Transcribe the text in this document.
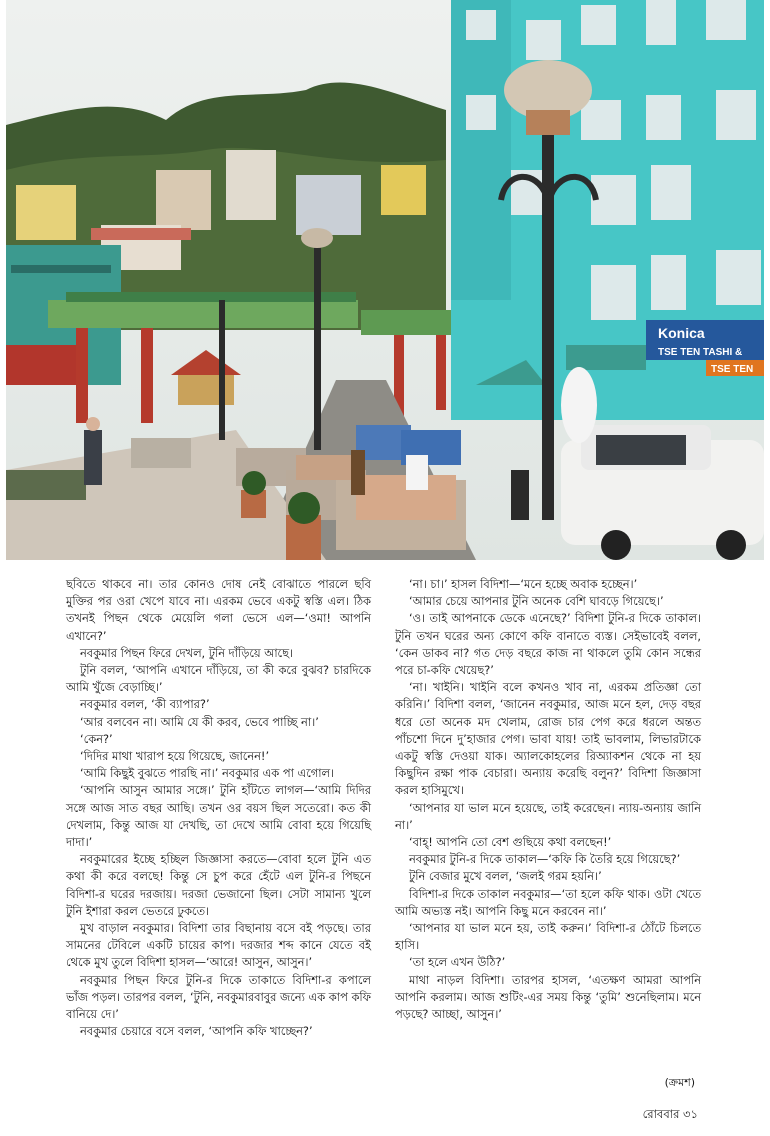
Konica
TSE TEN TASHI &
TSE TEN

ছবিতে থাকবে না। তার কোনও দোষ নেই বোঝাতে পারলে ছবি মুক্তির পর ওরা খেপে যাবে না। এরকম ভেবে একটু স্বস্তি এল। ঠিক তখনই পিছন থেকে মেয়েলি গলা ভেসে এল—‘ওমা! আপনি এখানে?’

নবকুমার পিছন ফিরে দেখল, টুনি দাঁড়িয়ে আছে।

টুনি বলল, ‘আপনি এখানে দাঁড়িয়ে, তা কী করে বুঝব? চারদিকে আমি খুঁজে বেড়াচ্ছি।’

নবকুমার বলল, ‘কী ব্যাপার?’

‘আর বলবেন না। আমি যে কী করব, ভেবে পাচ্ছি না।’

‘কেন?’

‘দিদির মাথা খারাপ হয়ে গিয়েছে, জানেন!’

‘আমি কিছুই বুঝতে পারছি না।’ নবকুমার এক পা এগোল।

‘আপনি আসুন আমার সঙ্গে।’ টুনি হাঁটতে লাগল—‘আমি দিদির সঙ্গে আজ সাত বছর আছি। তখন ওর বয়স ছিল সতেরো। কত কী দেখলাম, কিন্তু আজ যা দেখছি, তা দেখে আমি বোবা হয়ে গিয়েছি দাদা।’

নবকুমারের ইচ্ছে হচ্ছিল জিজ্ঞাসা করতে—বোবা হলে টুনি এত কথা কী করে বলছে! কিন্তু সে চুপ করে হেঁটে এল টুনি-র পিছনে বিদিশা-র ঘরের দরজায়। দরজা ভেজানো ছিল। সেটা সামান্য খুলে টুনি ইশারা করল ভেতরে ঢুকতে।

মুখ বাড়াল নবকুমার। বিদিশা তার বিছানায় বসে বই পড়ছে। তার সামনের টেবিলে একটি চায়ের কাপ। দরজার শব্দ কানে যেতে বই থেকে মুখ তুলে বিদিশা হাসল—‘আরে! আসুন, আসুন।’

নবকুমার পিছন ফিরে টুনি-র দিকে তাকাতে বিদিশা-র কপালে ভাঁজ পড়ল। তারপর বলল, ‘টুনি, নবকুমারবাবুর জন্যে এক কাপ কফি বানিয়ে দে।’

নবকুমার চেয়ারে বসে বলল, ‘আপনি কফি খাচ্ছেন?’

‘না। চা।’ হাসল বিদিশা—‘মনে হচ্ছে অবাক হচ্ছেন।’

‘আমার চেয়ে আপনার টুনি অনেক বেশি ঘাবড়ে গিয়েছে।’

‘ও। তাই আপনাকে ডেকে এনেছে?’ বিদিশা টুনি-র দিকে তাকাল। টুনি তখন ঘরের অন্য কোণে কফি বানাতে ব্যস্ত। সেইভাবেই বলল, ‘কেন ডাকব না? গত দেড় বছরে কাজ না থাকলে তুমি কোন সন্ধের পরে চা-কফি খেয়েছ?’

‘না। খাইনি। খাইনি বলে কখনও খাব না, এরকম প্রতিজ্ঞা তো করিনি।’ বিদিশা বলল, ‘জানেন নবকুমার, আজ মনে হল, দেড় বছর ধরে তো অনেক মদ খেলাম, রোজ চার পেগ করে ধরলে অন্তত পাঁচশো দিনে দু’হাজার পেগ। ভাবা যায়! তাই ভাবলাম, লিভারটাকে একটু স্বস্তি দেওয়া যাক। অ্যালকোহলের রিঅ্যাকশন থেকে না হয় কিছুদিন রক্ষা পাক বেচারা। অন্যায় করেছি বলুন?’ বিদিশা জিজ্ঞাসা করল হাসিমুখে।

‘আপনার যা ভাল মনে হয়েছে, তাই করেছেন। ন্যায়-অন্যায় জানি না।’

‘বাহ্‌! আপনি তো বেশ গুছিয়ে কথা বলছেন!’

নবকুমার টুনি-র দিকে তাকাল—‘কফি কি তৈরি হয়ে গিয়েছে?’

টুনি বেজার মুখে বলল, ‘জলই গরম হয়নি।’

বিদিশা-র দিকে তাকাল নবকুমার—‘তা হলে কফি থাক। ওটা খেতে আমি অভ্যস্ত নই। আপনি কিছু মনে করবেন না।’

‘আপনার যা ভাল মনে হয়, তাই করুন।’ বিদিশা-র ঠোঁটে চিলতে হাসি।

‘তা হলে এখন উঠি?’

মাথা নাড়ল বিদিশা। তারপর হাসল, ‘এতক্ষণ আমরা আপনি আপনি করলাম। আজ শুটিং-এর সময় কিন্তু ‘তুমি’ শুনেছিলাম। মনে পড়ছে? আচ্ছা, আসুন।’

(ক্রমশ)
রোববার ৩১
